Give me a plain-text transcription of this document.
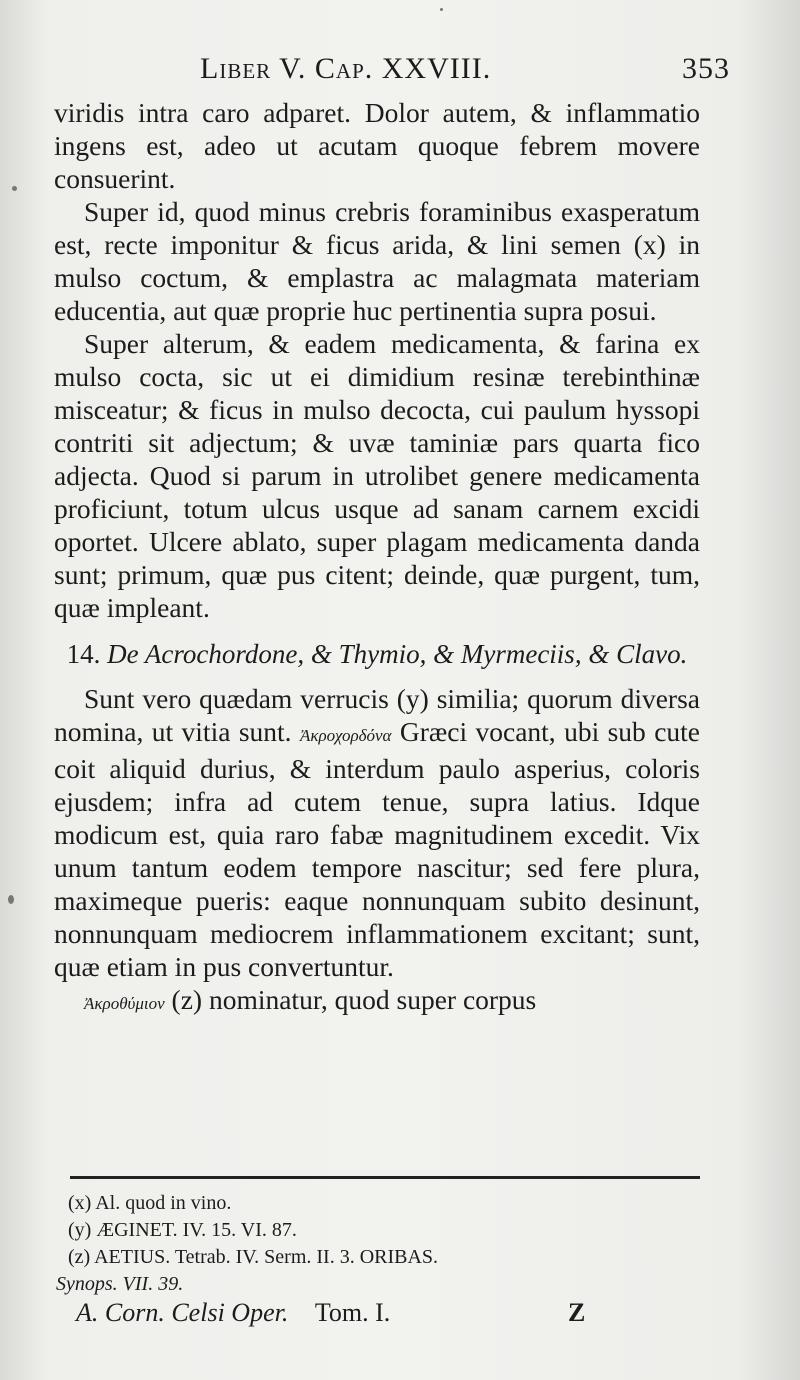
Liber V. Cap. XXVIII.	353

viridis intra caro adparet. Dolor autem, & inflammatio ingens est, adeo ut acutam quoque febrem movere consuerint.

Super id, quod minus crebris foraminibus exasperatum est, recte imponitur & ficus arida, & lini semen (x) in mulso coctum, & emplastra ac malagmata materiam educentia, aut quæ proprie huc pertinentia supra posui.

Super alterum, & eadem medicamenta, & farina ex mulso cocta, sic ut ei dimidium resinæ terebinthinæ misceatur; & ficus in mulso decocta, cui paulum hyssopi contriti sit adjectum; & uvæ taminiæ pars quarta fico adjecta. Quod si parum in utrolibet genere medicamenta proficiunt, totum ulcus usque ad sanam carnem excidi oportet. Ulcere ablato, super plagam medicamenta danda sunt; primum, quæ pus citent; deinde, quæ purgent, tum, quæ impleant.

14. De Acrochordone, & Thymio, & Myrmeciis, & Clavo.

Sunt vero quædam verrucis (y) similia; quorum diversa nomina, ut vitia sunt. Ἀκροχορδόνα Græci vocant, ubi sub cute coit aliquid durius, & interdum paulo asperius, coloris ejusdem; infra ad cutem tenue, supra latius. Idque modicum est, quia raro fabæ magnitudinem excedit. Vix unum tantum eodem tempore nascitur; sed fere plura, maximeque pueris: eaque nonnunquam subito desinunt, nonnunquam mediocrem inflammationem excitant; sunt, quæ etiam in pus convertuntur.

Ἀκροθύμιον (z) nominatur, quod super corpus

(x) Al. quod in vino.

(y) ÆGINET. IV. 15. VI. 87.

(z) AETIUS. Tetrab. IV. Serm. II. 3. ORIBAS.

Synops. VII. 39.

A. Corn. Celsi Oper. Tom. I.	Z
